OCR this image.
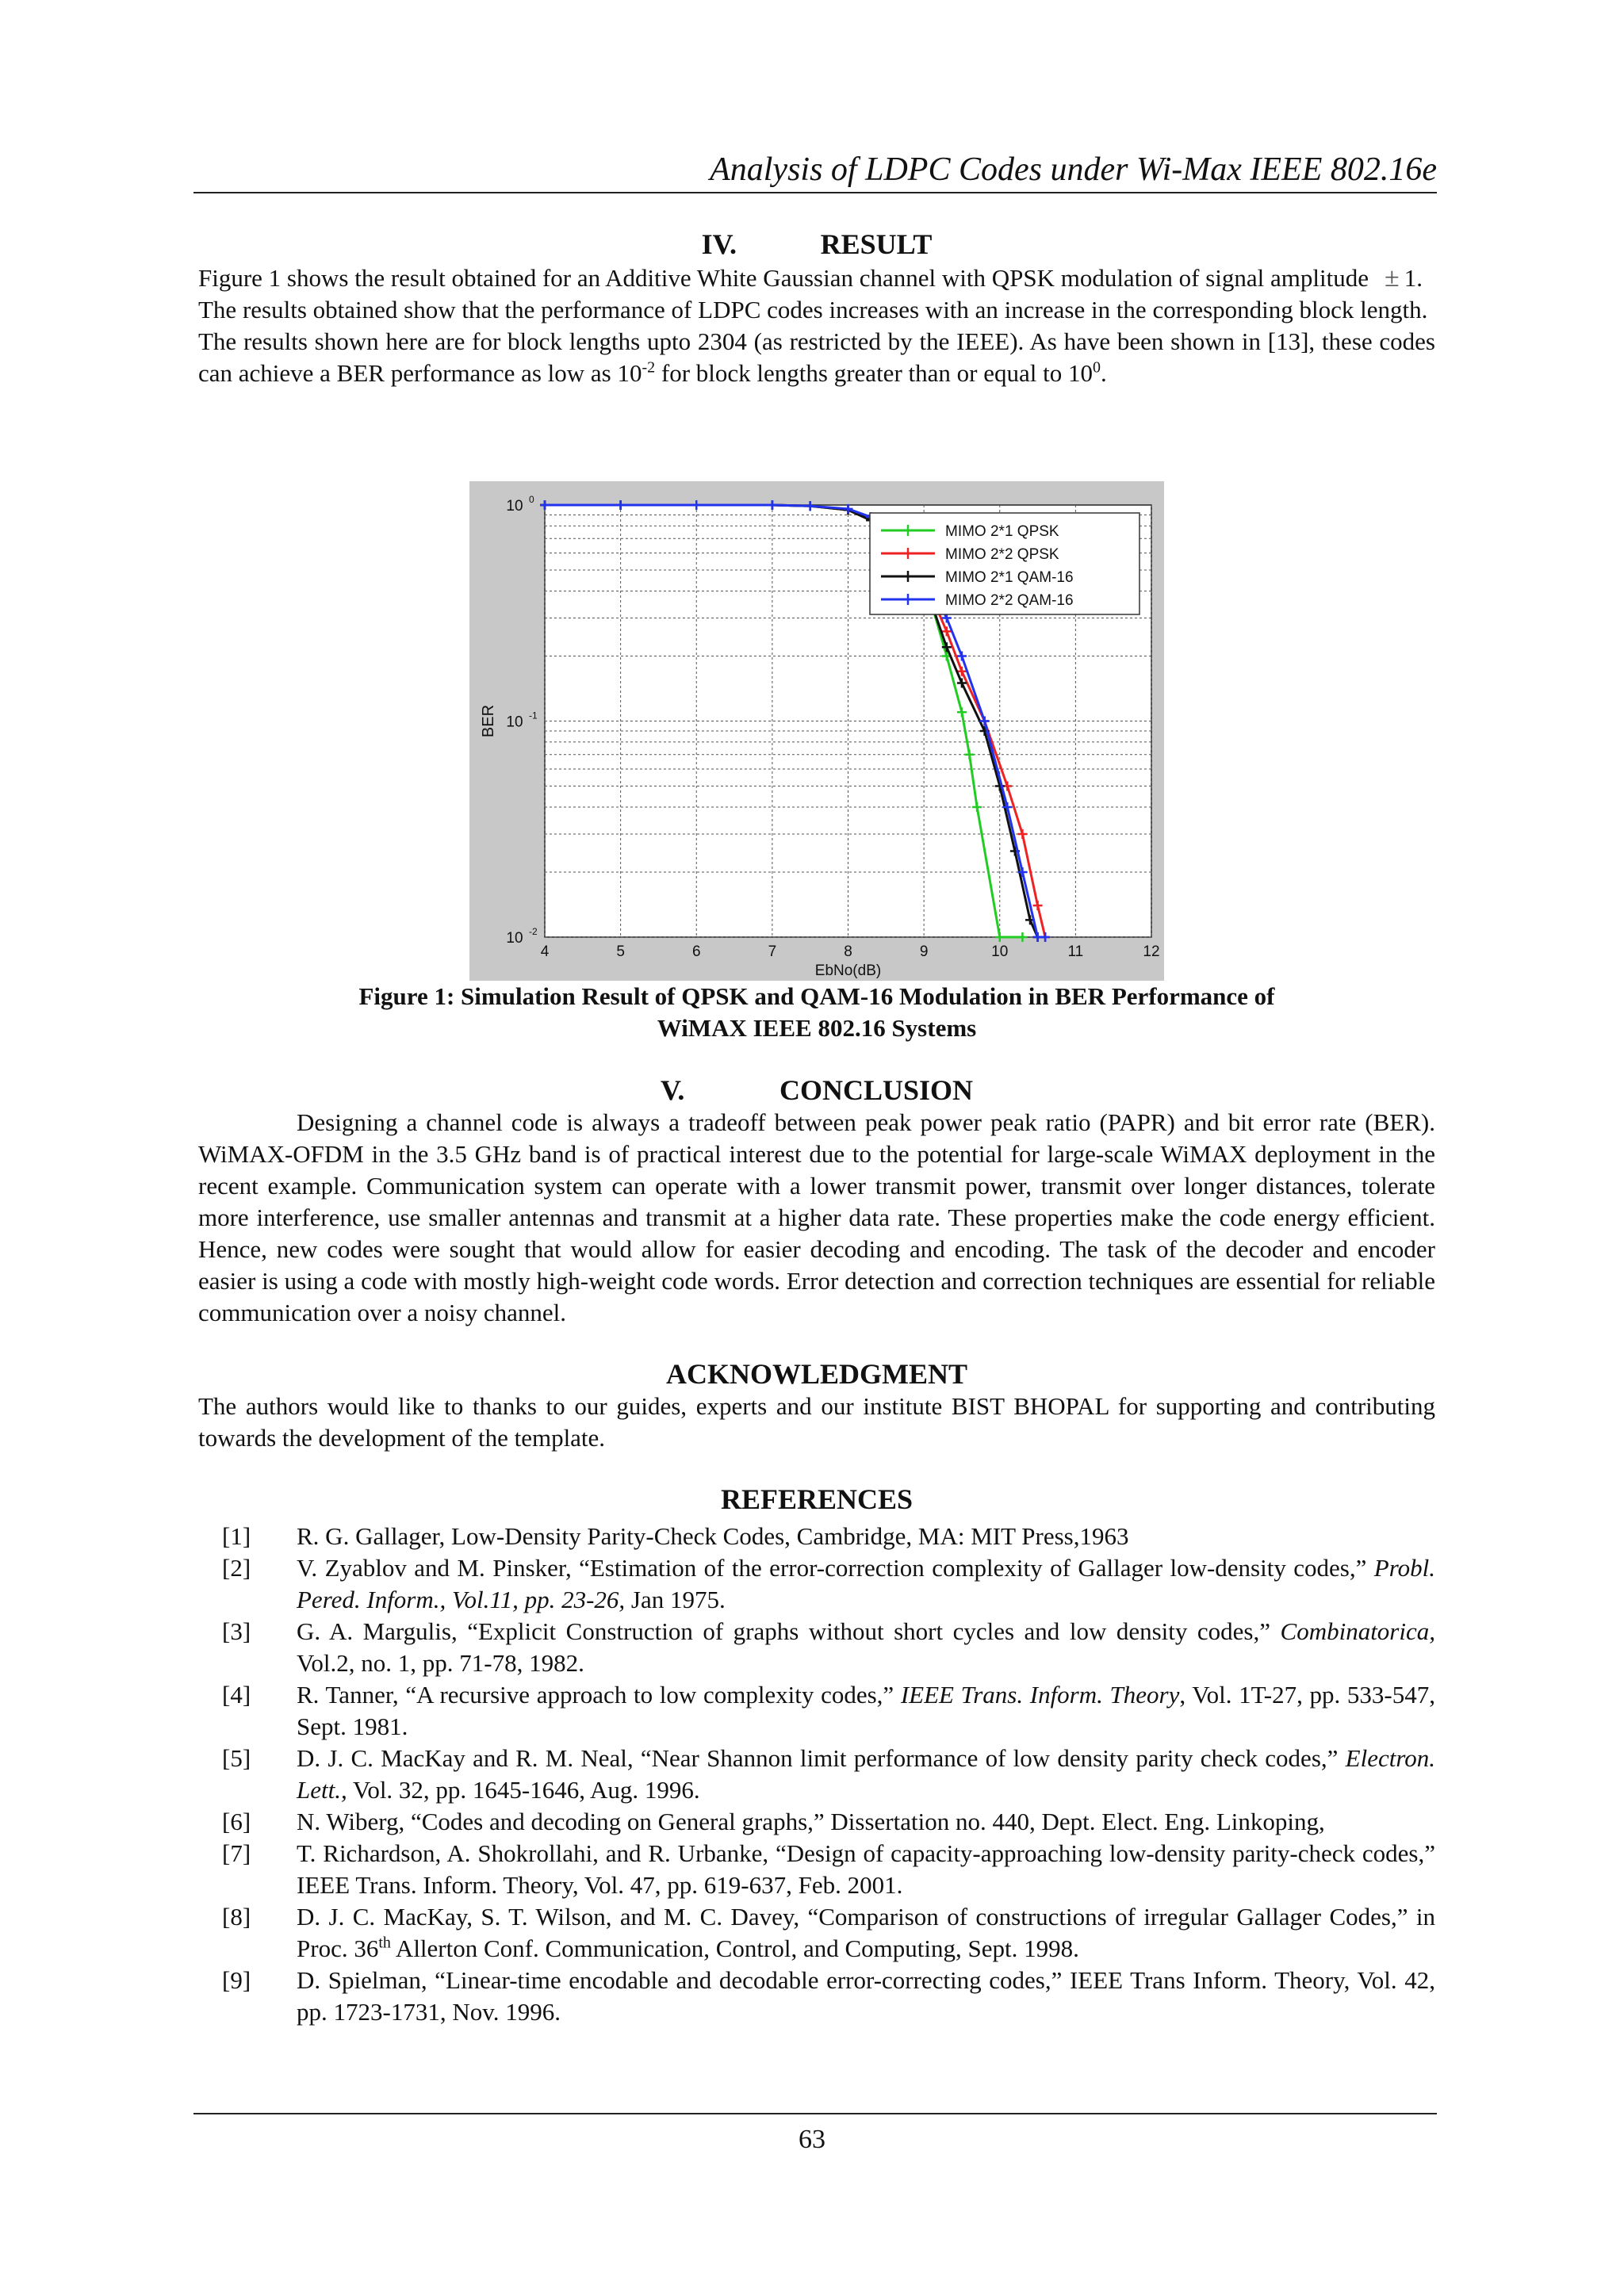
Analysis of LDPC Codes under Wi-Max IEEE 802.16e
IV.	RESULT

Figure 1 shows the result obtained for an Additive White Gaussian channel with QPSK modulation of signal amplitude ± 1.

The results obtained show that the performance of LDPC codes increases with an increase in the corresponding block length.

The results shown here are for block lengths upto 2304 (as restricted by the IEEE). As have been shown in [13], these codes can achieve a BER performance as low as $10^{-2}$ for block lengths greater than or equal to $10^0$.

4	5	6	7	8	9	10	11	12
10 0
10 -1
10 -2
EbNo(dB)
BER
MIMO 2*1 QPSK
MIMO 2*2 QPSK
MIMO 2*1 QAM-16
MIMO 2*2 QAM-16
Figure 1: Simulation Result of QPSK and QAM-16 Modulation in BER Performance of
WiMAX IEEE 802.16 Systems
V.	CONCLUSION

Designing a channel code is always a tradeoff between peak power peak ratio (PAPR) and bit error rate (BER). WiMAX-OFDM in the 3.5 GHz band is of practical interest due to the potential for large-scale WiMAX deployment in the recent example. Communication system can operate with a lower transmit power, transmit over longer distances, tolerate more interference, use smaller antennas and transmit at a higher data rate. These properties make the code energy efficient. Hence, new codes were sought that would allow for easier decoding and encoding. The task of the decoder and encoder easier is using a code with mostly high-weight code words. Error detection and correction techniques are essential for reliable communication over a noisy channel.

ACKNOWLEDGMENT

The authors would like to thanks to our guides, experts and our institute BIST BHOPAL for supporting and contributing towards the development of the template.

REFERENCES
[1]	R. G. Gallager, Low-Density Parity-Check Codes, Cambridge, MA: MIT Press,1963
[2]	V. Zyablov and M. Pinsker, “Estimation of the error-correction complexity of Gallager low-density codes,” Probl. Pered. Inform., Vol.11, pp. 23-26, Jan 1975.
[3]	G. A. Margulis, “Explicit Construction of graphs without short cycles and low density codes,” Combinatorica, Vol.2, no. 1, pp. 71-78, 1982.
[4]	R. Tanner, “A recursive approach to low complexity codes,” IEEE Trans. Inform. Theory, Vol. 1T-27, pp. 533-547, Sept. 1981.
[5]	D. J. C. MacKay and R. M. Neal, “Near Shannon limit performance of low density parity check codes,” Electron. Lett., Vol. 32, pp. 1645-1646, Aug. 1996.
[6]	N. Wiberg, “Codes and decoding on General graphs,” Dissertation no. 440, Dept. Elect. Eng. Linkoping,
[7]	T. Richardson, A. Shokrollahi, and R. Urbanke, “Design of capacity-approaching low-density parity-check codes,” IEEE Trans. Inform. Theory, Vol. 47, pp. 619-637, Feb. 2001.
[8]	D. J. C. MacKay, S. T. Wilson, and M. C. Davey, “Comparison of constructions of irregular Gallager Codes,” in Proc. 36th Allerton Conf. Communication, Control, and Computing, Sept. 1998.
[9]	D. Spielman, “Linear-time encodable and decodable error-correcting codes,” IEEE Trans Inform. Theory, Vol. 42, pp. 1723-1731, Nov. 1996.
63
